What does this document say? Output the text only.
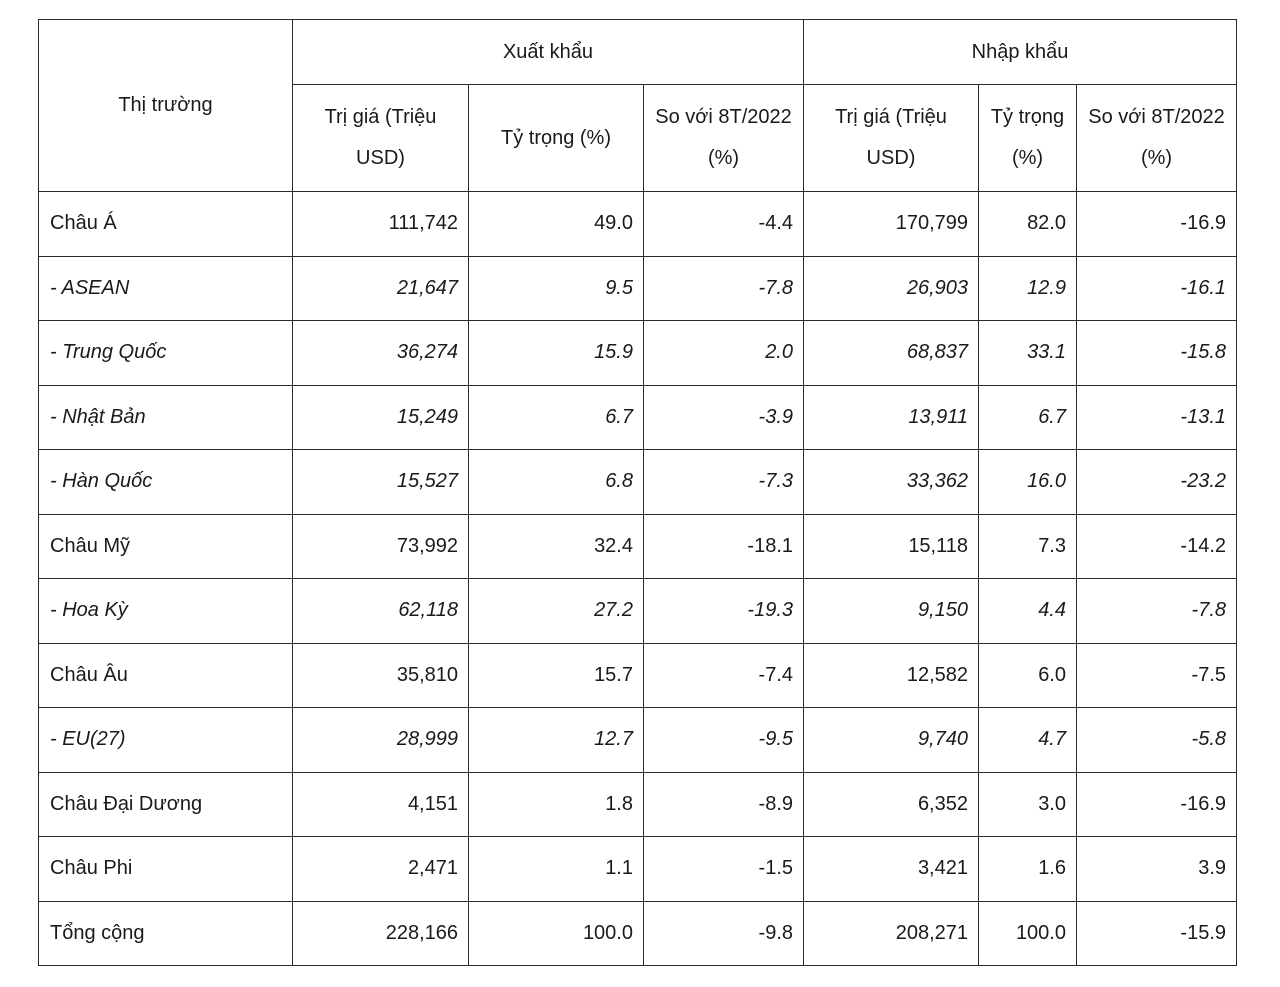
Thị trường	Xuất khẩu			Nhập khẩu		
	Trị giá (Triệu USD)	Tỷ trọng (%)	So với 8T/2022 (%)	Trị giá (Triệu USD)	Tỷ trọng (%)	So với 8T/2022 (%)
Châu Á	111,742	49.0	-4.4	170,799	82.0	-16.9
- ASEAN	21,647	9.5	-7.8	26,903	12.9	-16.1
- Trung Quốc	36,274	15.9	2.0	68,837	33.1	-15.8
- Nhật Bản	15,249	6.7	-3.9	13,911	6.7	-13.1
- Hàn Quốc	15,527	6.8	-7.3	33,362	16.0	-23.2
Châu Mỹ	73,992	32.4	-18.1	15,118	7.3	-14.2
- Hoa Kỳ	62,118	27.2	-19.3	9,150	4.4	-7.8
Châu Âu	35,810	15.7	-7.4	12,582	6.0	-7.5
- EU(27)	28,999	12.7	-9.5	9,740	4.7	-5.8
Châu Đại Dương	4,151	1.8	-8.9	6,352	3.0	-16.9
Châu Phi	2,471	1.1	-1.5	3,421	1.6	3.9
Tổng cộng	228,166	100.0	-9.8	208,271	100.0	-15.9
